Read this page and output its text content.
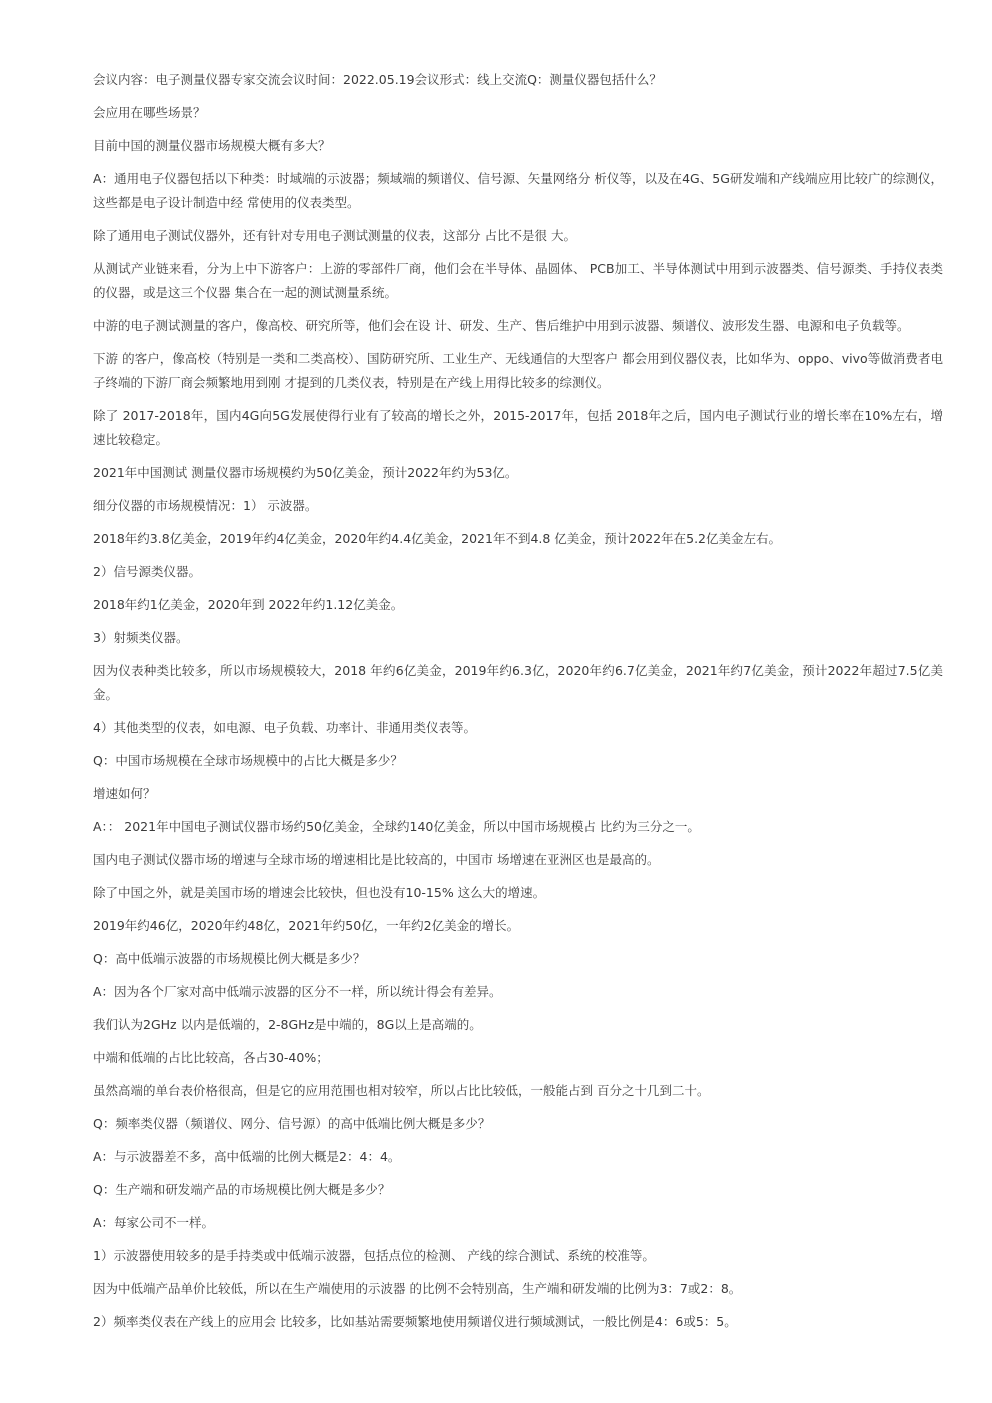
会议内容：电子测量仪器专家交流会议时间：2022.05.19会议形式：线上交流Q：测量仪器包括什么？

会应用在哪些场景？

目前中国的测量仪器市场规模大概有多大？

A：通用电子仪器包括以下种类：时域端的示波器；频域端的频谱仪、信号源、矢量网络分 析仪等，以及在4G、5G研发端和产线端应用比较广的综测仪，这些都是电子设计制造中经 常使用的仪表类型。

除了通用电子测试仪器外，还有针对专用电子测试测量的仪表，这部分 占比不是很 大。

从测试产业链来看，分为上中下游客户：上游的零部件厂商，他们会在半导体、晶圆体、 PCB加工、半导体测试中用到示波器类、信号源类、手持仪表类的仪器，或是这三个仪器 集合在一起的测试测量系统。

中游的电子测试测量的客户，像高校、研究所等，他们会在设 计、研发、生产、售后维护中用到示波器、频谱仪、波形发生器、电源和电子负载等。

下游 的客户，像高校（特别是一类和二类高校）、国防研究所、工业生产、无线通信的大型客户 都会用到仪器仪表，比如华为、oppo、vivo等做消费者电子终端的下游厂商会频繁地用到刚 才提到的几类仪表，特别是在产线上用得比较多的综测仪。

除了 2017-2018年，国内4G向5G发展使得行业有了较高的增长之外，2015-2017年，包括 2018年之后，国内电子测试行业的增长率在10%左右，增速比较稳定。

2021年中国测试 测量仪器市场规模约为50亿美金，预计2022年约为53亿。

细分仪器的市场规模情况：1） 示波器。

2018年约3.8亿美金，2019年约4亿美金，2020年约4.4亿美金，2021年不到4.8 亿美金，预计2022年在5.2亿美金左右。

2）信号源类仪器。

2018年约1亿美金，2020年到 2022年约1.12亿美金。

3）射频类仪器。

因为仪表种类比较多，所以市场规模较大，2018 年约6亿美金，2019年约6.3亿，2020年约6.7亿美金，2021年约7亿美金，预计2022年超过7.5亿美金。

4）其他类型的仪表，如电源、电子负载、功率计、非通用类仪表等。

Q：中国市场规模在全球市场规模中的占比大概是多少？

增速如何？

A：： 2021年中国电子测试仪器市场约50亿美金，全球约140亿美金，所以中国市场规模占 比约为三分之一。

国内电子测试仪器市场的增速与全球市场的增速相比是比较高的，中国市 场增速在亚洲区也是最高的。

除了中国之外，就是美国市场的增速会比较快，但也没有10-15% 这么大的增速。

2019年约46亿，2020年约48亿，2021年约50亿，一年约2亿美金的增长。

Q：高中低端示波器的市场规模比例大概是多少？

A：因为各个厂家对高中低端示波器的区分不一样，所以统计得会有差异。

我们认为2GHz 以内是低端的，2-8GHz是中端的，8G以上是高端的。

中端和低端的占比比较高，各占30-40%；

虽然高端的单台表价格很高，但是它的应用范围也相对较窄，所以占比比较低，一般能占到 百分之十几到二十。

Q：频率类仪器（频谱仪、网分、信号源）的高中低端比例大概是多少？

A：与示波器差不多，高中低端的比例大概是2：4：4。

Q：生产端和研发端产品的市场规模比例大概是多少？

A：每家公司不一样。

1）示波器使用较多的是手持类或中低端示波器，包括点位的检测、 产线的综合测试、系统的校准等。

因为中低端产品单价比较低，所以在生产端使用的示波器 的比例不会特别高，生产端和研发端的比例为3：7或2：8。

2）频率类仪表在产线上的应用会 比较多，比如基站需要频繁地使用频谱仪进行频域测试，一般比例是4：6或5：5。
